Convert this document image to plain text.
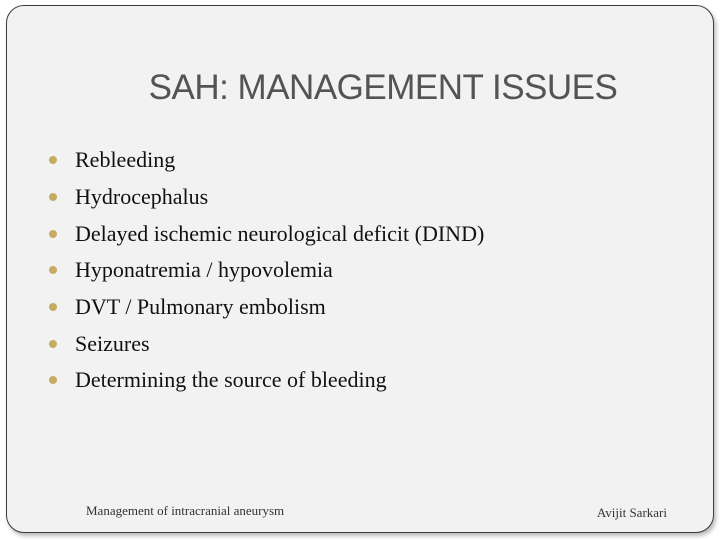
SAH: MANAGEMENT ISSUES
Rebleeding
Hydrocephalus
Delayed ischemic neurological deficit (DIND)
Hyponatremia / hypovolemia
DVT / Pulmonary embolism
Seizures
Determining the source of bleeding
Management of intracranial aneurysm	Avijit Sarkari
